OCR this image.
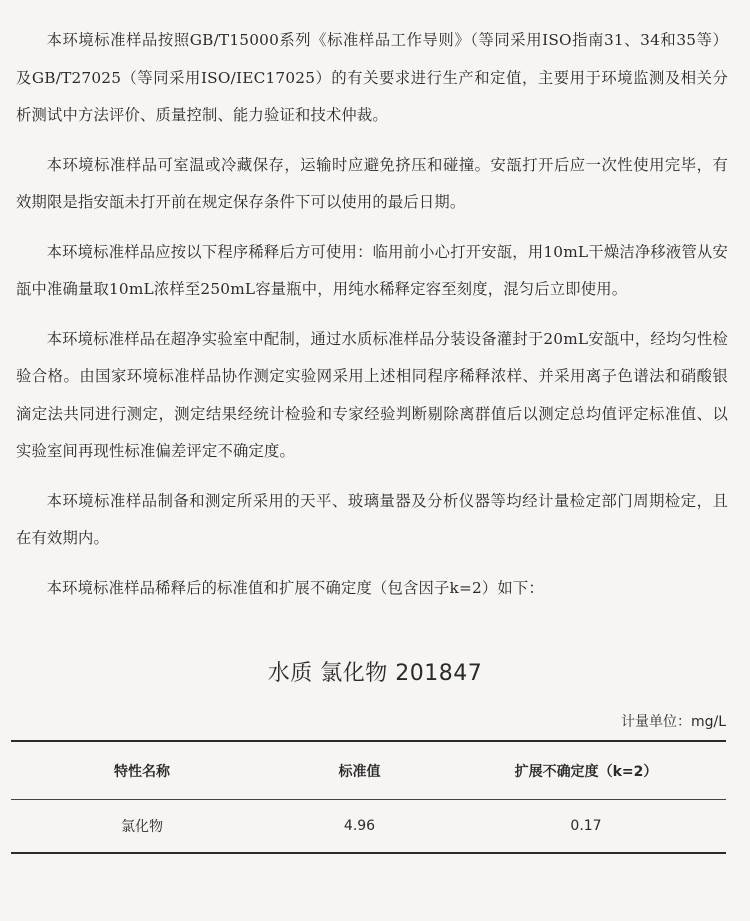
本环境标准样品按照GB/T15000系列《标准样品工作导则》（等同采用ISO指南31、34和35等）及GB/T27025（等同采用ISO/IEC17025）的有关要求进行生产和定值，主要用于环境监测及相关分析测试中方法评价、质量控制、能力验证和技术仲裁。

本环境标准样品可室温或冷藏保存，运输时应避免挤压和碰撞。安瓿打开后应一次性使用完毕，有效期限是指安瓿未打开前在规定保存条件下可以使用的最后日期。

本环境标准样品应按以下程序稀释后方可使用：临用前小心打开安瓿，用10mL干燥洁净移液管从安瓿中准确量取10mL浓样至250mL容量瓶中，用纯水稀释定容至刻度，混匀后立即使用。

本环境标准样品在超净实验室中配制，通过水质标准样品分装设备灌封于20mL安瓿中，经均匀性检验合格。由国家环境标准样品协作测定实验网采用上述相同程序稀释浓样、并采用离子色谱法和硝酸银滴定法共同进行测定，测定结果经统计检验和专家经验判断剔除离群值后以测定总均值评定标准值、以实验室间再现性标准偏差评定不确定度。

本环境标准样品制备和测定所采用的天平、玻璃量器及分析仪器等均经计量检定部门周期检定，且在有效期内。

本环境标准样品稀释后的标准值和扩展不确定度（包含因子k=2）如下：

水质 氯化物 201847
计量单位：mg/L
特性名称	标准值	扩展不确定度（k=2）
氯化物	4.96	0.17
